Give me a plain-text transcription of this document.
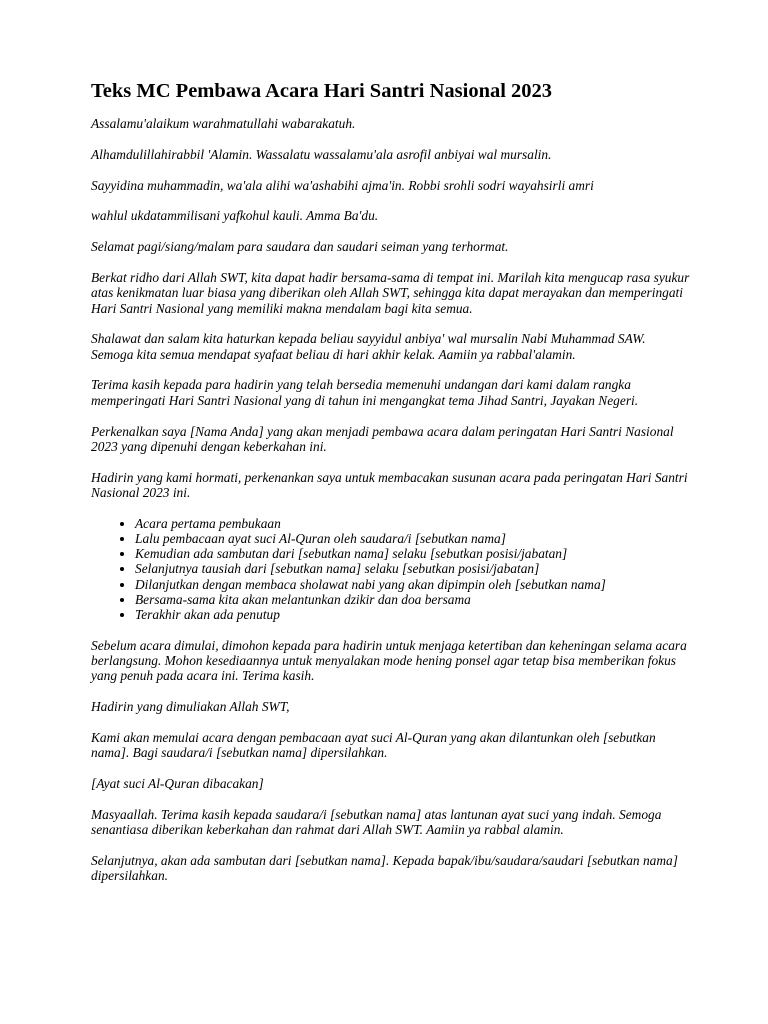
Teks MC Pembawa Acara Hari Santri Nasional 2023

Assalamu'alaikum warahmatullahi wabarakatuh.

Alhamdulillahirabbil 'Alamin. Wassalatu wassalamu'ala asrofil anbiyai wal mursalin.

Sayyidina muhammadin, wa'ala alihi wa'ashabihi ajma'in. Robbi srohli sodri wayahsirli amri

wahlul ukdatammilisani yafkohul kauli. Amma Ba'du.

Selamat pagi/siang/malam para saudara dan saudari seiman yang terhormat.

Berkat ridho dari Allah SWT, kita dapat hadir bersama-sama di tempat ini. Marilah kita mengucap rasa syukur atas kenikmatan luar biasa yang diberikan oleh Allah SWT, sehingga kita dapat merayakan dan memperingati Hari Santri Nasional yang memiliki makna mendalam bagi kita semua.

Shalawat dan salam kita haturkan kepada beliau sayyidul anbiya' wal mursalin Nabi Muhammad SAW. Semoga kita semua mendapat syafaat beliau di hari akhir kelak. Aamiin ya rabbal'alamin.

Terima kasih kepada para hadirin yang telah bersedia memenuhi undangan dari kami dalam rangka memperingati Hari Santri Nasional yang di tahun ini mengangkat tema Jihad Santri, Jayakan Negeri.

Perkenalkan saya [Nama Anda] yang akan menjadi pembawa acara dalam peringatan Hari Santri Nasional 2023 yang dipenuhi dengan keberkahan ini.

Hadirin yang kami hormati, perkenankan saya untuk membacakan susunan acara pada peringatan Hari Santri Nasional 2023 ini.

• Acara pertama pembukaan
• Lalu pembacaan ayat suci Al-Quran oleh saudara/i [sebutkan nama]
• Kemudian ada sambutan dari [sebutkan nama] selaku [sebutkan posisi/jabatan]
• Selanjutnya tausiah dari [sebutkan nama] selaku [sebutkan posisi/jabatan]
• Dilanjutkan dengan membaca sholawat nabi yang akan dipimpin oleh [sebutkan nama]
• Bersama-sama kita akan melantunkan dzikir dan doa bersama
• Terakhir akan ada penutup

Sebelum acara dimulai, dimohon kepada para hadirin untuk menjaga ketertiban dan keheningan selama acara berlangsung. Mohon kesediaannya untuk menyalakan mode hening ponsel agar tetap bisa memberikan fokus yang penuh pada acara ini. Terima kasih.

Hadirin yang dimuliakan Allah SWT,

Kami akan memulai acara dengan pembacaan ayat suci Al-Quran yang akan dilantunkan oleh [sebutkan nama]. Bagi saudara/i [sebutkan nama] dipersilahkan.

[Ayat suci Al-Quran dibacakan]

Masyaallah. Terima kasih kepada saudara/i [sebutkan nama] atas lantunan ayat suci yang indah. Semoga senantiasa diberikan keberkahan dan rahmat dari Allah SWT. Aamiin ya rabbal alamin.

Selanjutnya, akan ada sambutan dari [sebutkan nama]. Kepada bapak/ibu/saudara/saudari [sebutkan nama] dipersilahkan.
